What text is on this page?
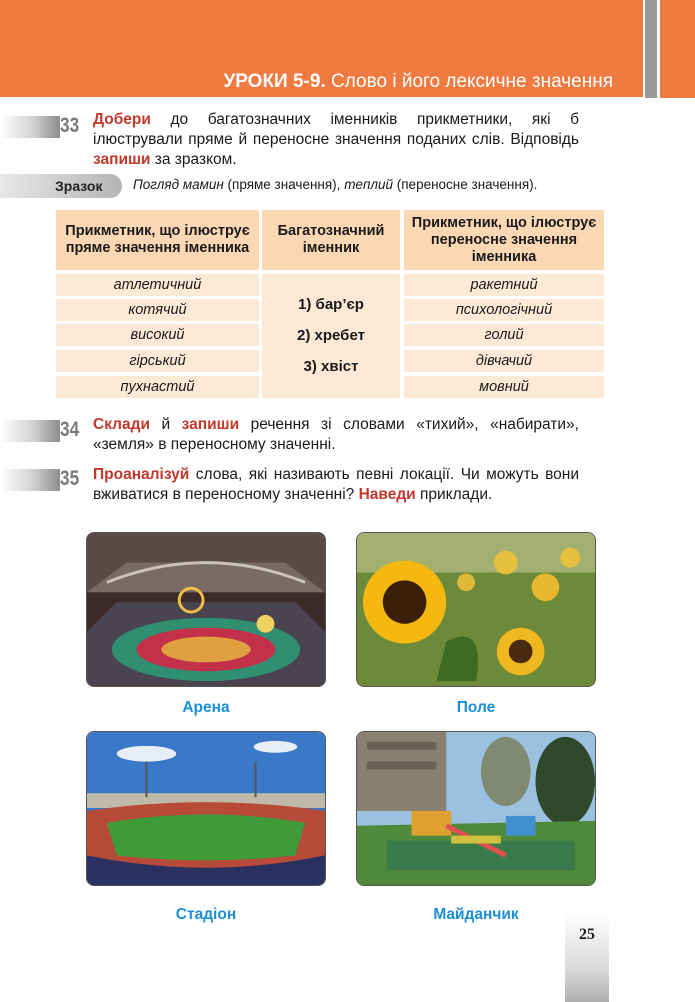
УРОКИ 5-9. Слово і його лексичне значення
33 Добери до багатозначних іменників прикметники, які б ілюстрували пряме й переносне значення поданих слів. Відповідь запиши за зразком.
Зразок Погляд мамин (пряме значення), теплий (переносне значення).
Прикметник, що ілюструє пряме значення іменника
Багатозначний іменник
Прикметник, що ілюструє переносне значення іменника
атлетичний
котячий
високий
гірський
пухнастий
1) бар’єр
2) хребет
3) хвіст
ракетний
психологічний
голий
дівчачий
мовний
34 Склади й запиши речення зі словами «тихий», «набирати», «земля» в переносному значенні.
35 Проаналізуй слова, які називають певні локації. Чи можуть вони вживатися в переносному значенні? Наведи приклади.
Арена	Поле
Стадіон	Майданчик
25
